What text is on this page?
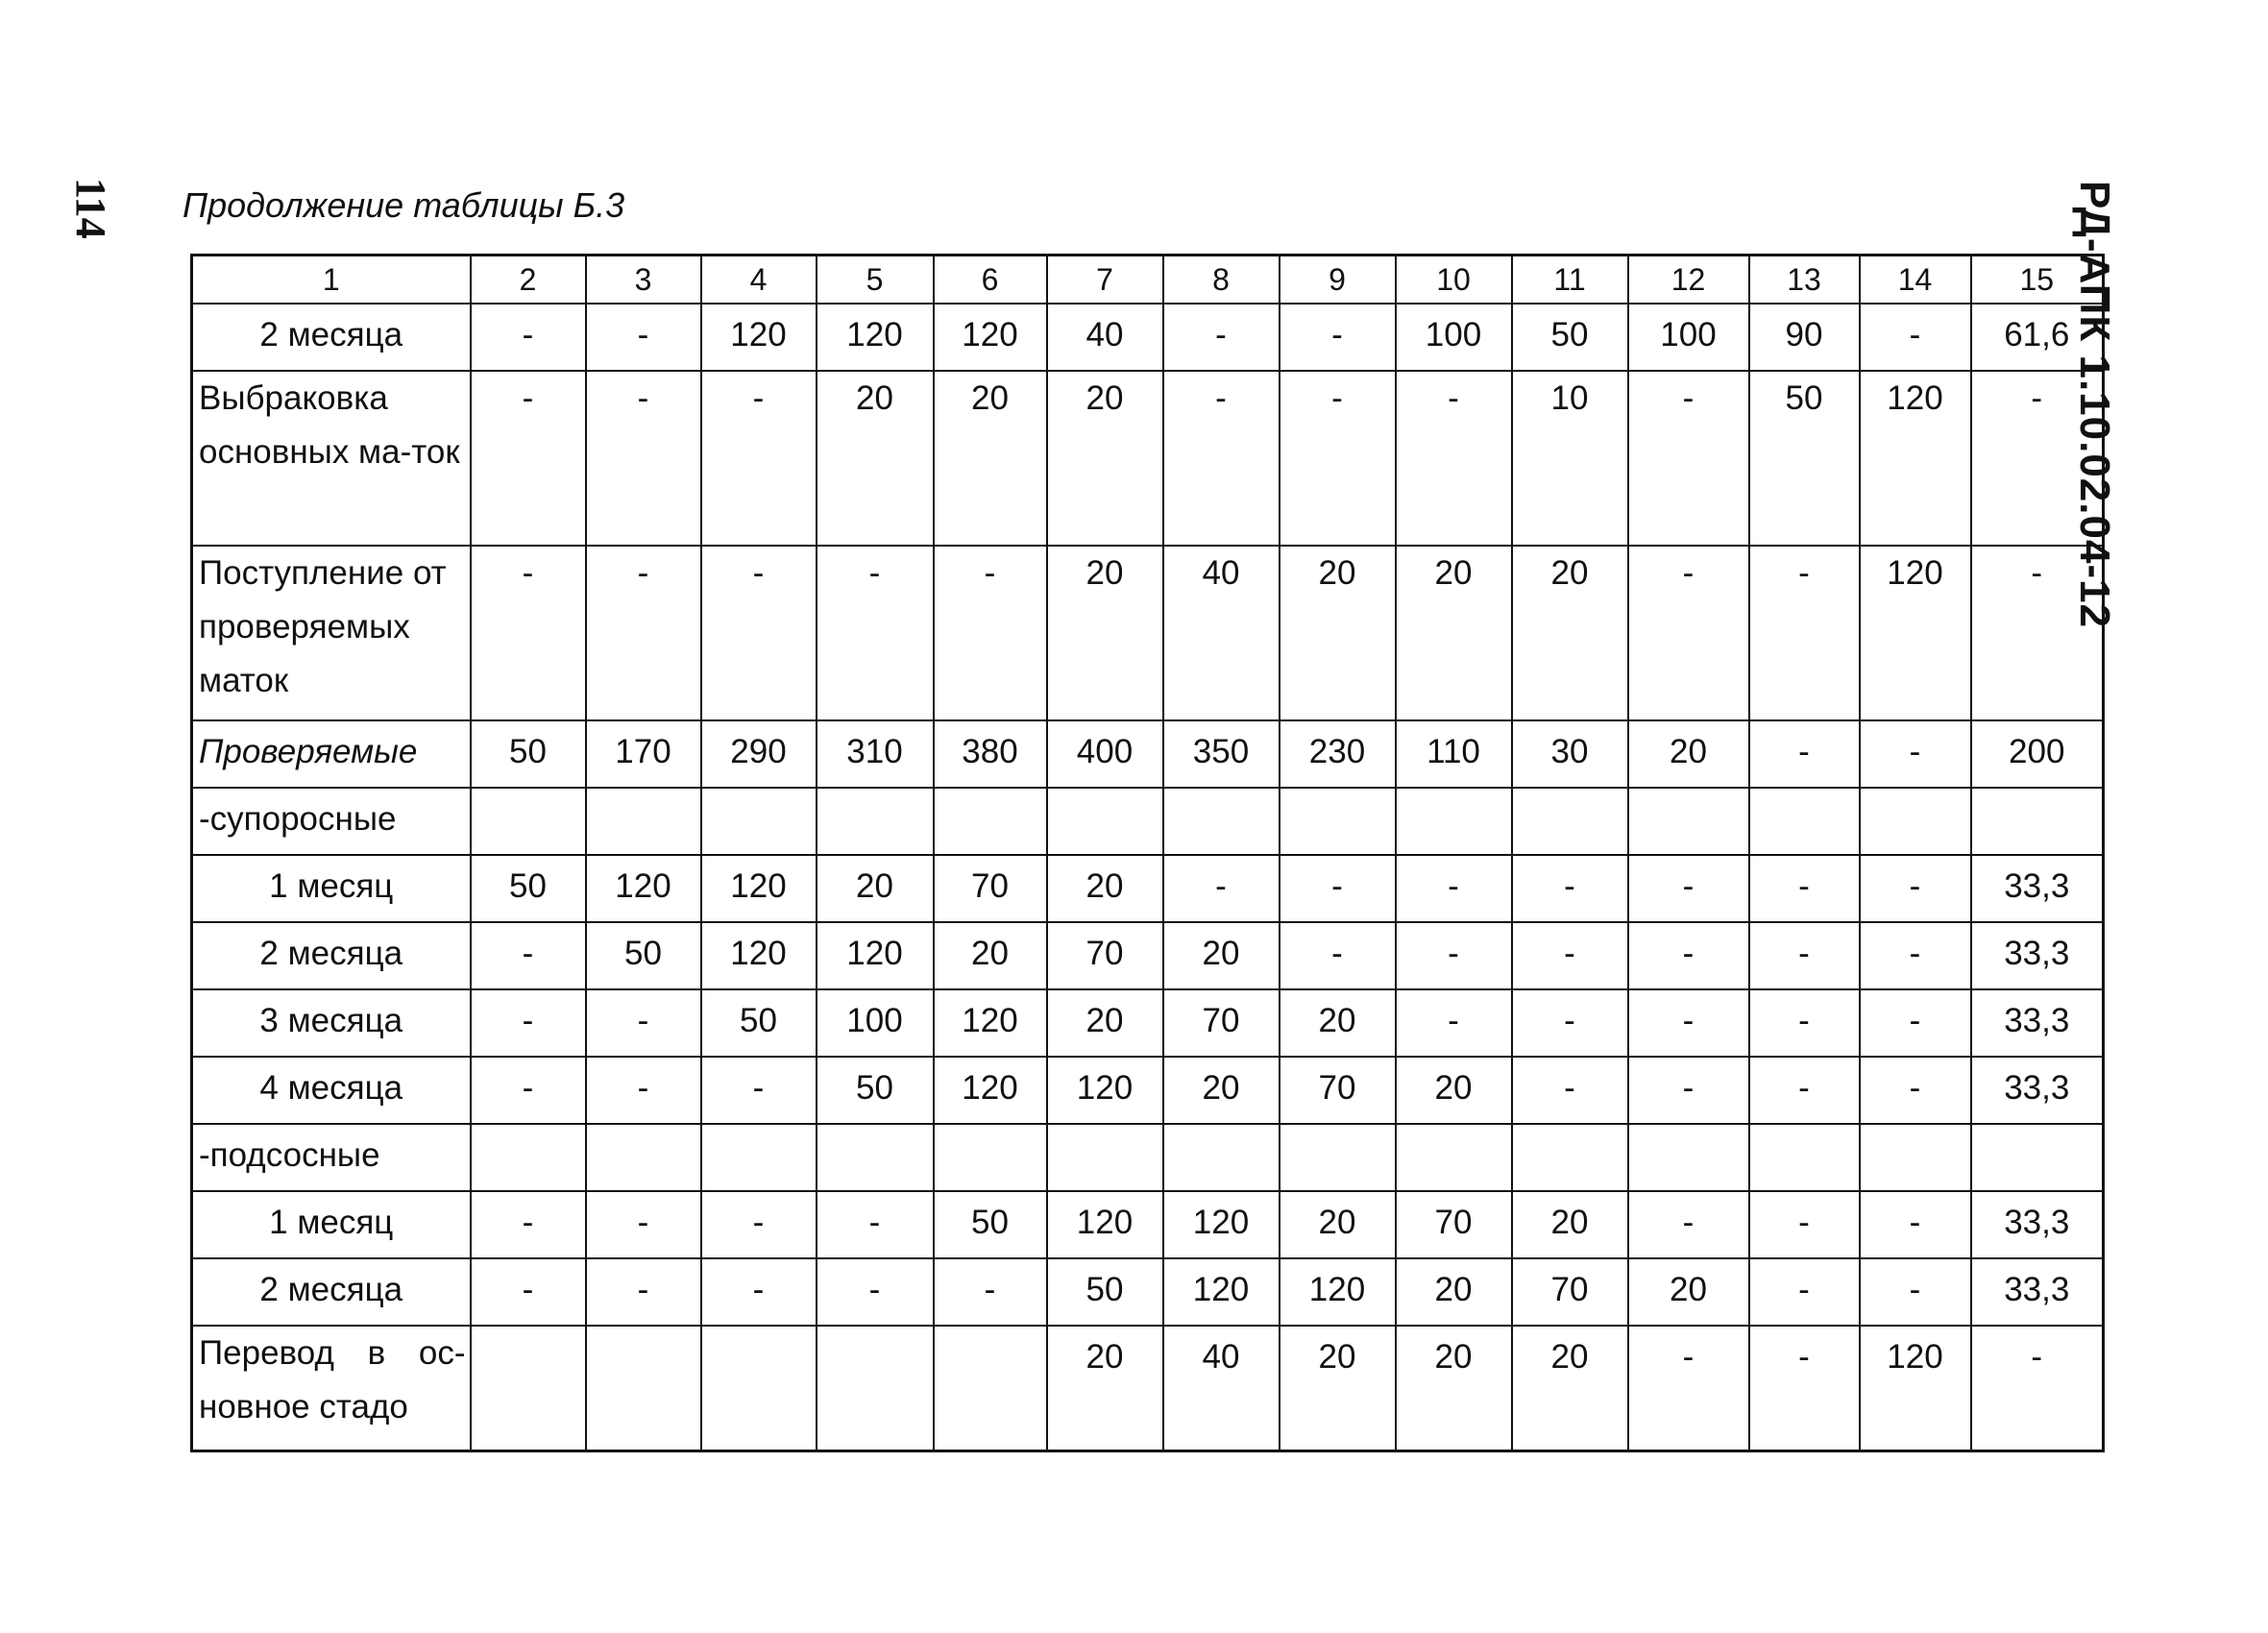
114	РД-АПК 1.10.02.04-12
Продолжение таблицы Б.3
1	2	3	4	5	6	7	8	9	10	11	12	13	14	15
2 месяца	-	-	120	120	120	40	-	-	100	50	100	90	-	61,6
Выбраковка основных ма-ток	-	-	-	20	20	20	-	-	-	10	-	50	120	-
Поступление от проверяемых маток	-	-	-	-	-	20	40	20	20	20	-	-	120	-
Проверяемые	50	170	290	310	380	400	350	230	110	30	20	-	-	200
-супоросные														
1 месяц	50	120	120	20	70	20	-	-	-	-	-	-	-	33,3
2 месяца	-	50	120	120	20	70	20	-	-	-	-	-	-	33,3
3 месяца	-	-	50	100	120	20	70	20	-	-	-	-	-	33,3
4 месяца	-	-	-	50	120	120	20	70	20	-	-	-	-	33,3
-подсосные														
1 месяц	-	-	-	-	50	120	120	20	70	20	-	-	-	33,3
2 месяца	-	-	-	-	-	50	120	120	20	70	20	-	-	33,3
Перевод в ос-новное стадо						20	40	20	20	20	-	-	120	-
